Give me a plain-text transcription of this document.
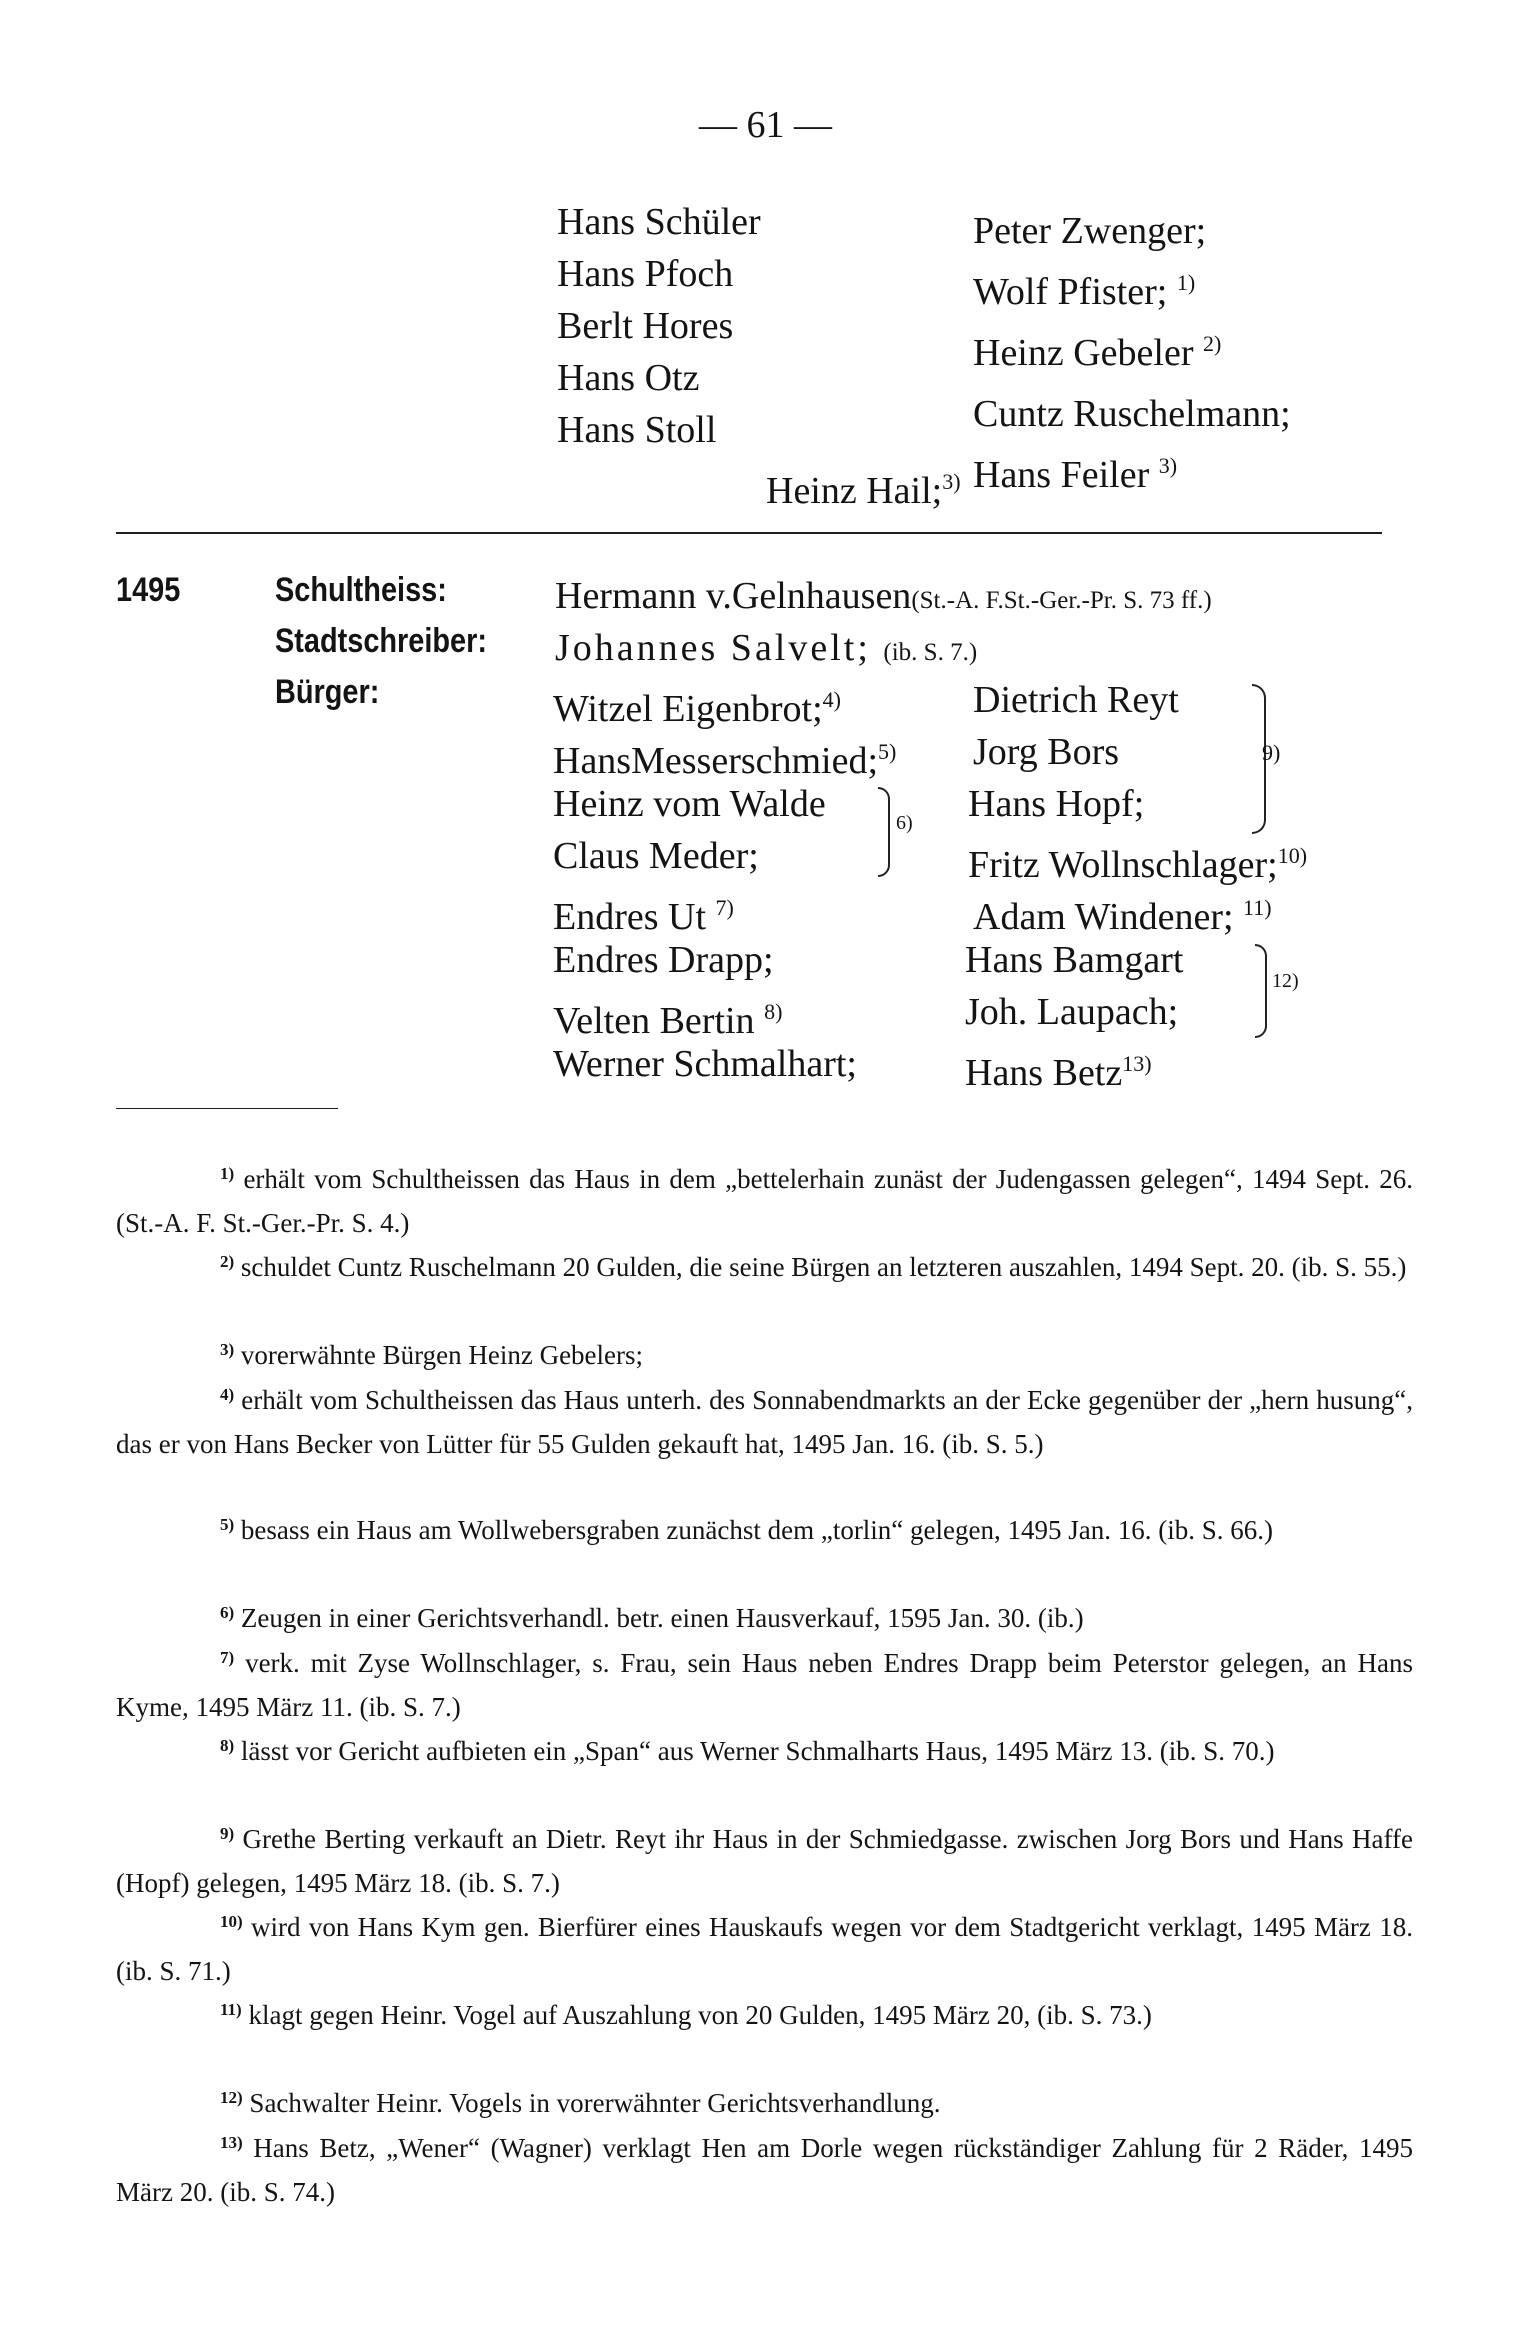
— 61 —
Hans Schüler
Hans Pfoch
Berlt Hores
Hans Otz
Hans Stoll
Peter Zwenger;
Wolf Pfister; $^{1)}$
Heinz Gebeler $^{2)}$
Cuntz Ruschelmann;
Hans Feiler $^{3)}$
Heinz Hail;$^{3)}$
1495	Schultheiss:
Stadtschreiber:
Bürger:
Hermann v.Gelnhausen(St.-A. F.St.-Ger.-Pr. S. 73 ff.)
Johannes Salvelt; (ib. S. 7.)
Witzel Eigenbrot;$^{4)}$
HansMesserschmied;$^{5)}$
Heinz vom Walde
Claus Meder;
Endres Ut $^{7)}$
Endres Drapp;
Velten Bertin $^{8)}$
Werner Schmalhart;
Dietrich Reyt
Jorg Bors
Hans Hopf;
Fritz Wollnschlager;$^{10)}$
Adam Windener; $^{11)}$
Hans Bamgart
Joh. Laupach;
Hans Betz$^{13)}$
6)
9)
12)
$^{1)}$ erhält vom Schultheissen das Haus in dem „bettelerhain zunäst der Judengassen gelegen“, 1494 Sept. 26. (St.-A. F. St.-Ger.-Pr. S. 4.)
$^{2)}$ schuldet Cuntz Ruschelmann 20 Gulden, die seine Bürgen an letzteren auszahlen, 1494 Sept. 20. (ib. S. 55.)
$^{3)}$ vorerwähnte Bürgen Heinz Gebelers;
$^{4)}$ erhält vom Schultheissen das Haus unterh. des Sonnabendmarkts an der Ecke gegenüber der „hern husung“, das er von Hans Becker von Lütter für 55 Gulden gekauft hat, 1495 Jan. 16. (ib. S. 5.)
$^{5)}$ besass ein Haus am Wollwebersgraben zunächst dem „torlin“ gelegen, 1495 Jan. 16. (ib. S. 66.)
$^{6)}$ Zeugen in einer Gerichtsverhandl. betr. einen Hausverkauf, 1595 Jan. 30. (ib.)
$^{7)}$ verk. mit Zyse Wollnschlager, s. Frau, sein Haus neben Endres Drapp beim Peterstor gelegen, an Hans Kyme, 1495 März 11. (ib. S. 7.)
$^{8)}$ lässt vor Gericht aufbieten ein „Span“ aus Werner Schmalharts Haus, 1495 März 13. (ib. S. 70.)
$^{9)}$ Grethe Berting verkauft an Dietr. Reyt ihr Haus in der Schmiedgasse. zwischen Jorg Bors und Hans Haffe (Hopf) gelegen, 1495 März 18. (ib. S. 7.)
$^{10)}$ wird von Hans Kym gen. Bierfürer eines Hauskaufs wegen vor dem Stadtgericht verklagt, 1495 März 18. (ib. S. 71.)
$^{11)}$ klagt gegen Heinr. Vogel auf Auszahlung von 20 Gulden, 1495 März 20, (ib. S. 73.)
$^{12)}$ Sachwalter Heinr. Vogels in vorerwähnter Gerichtsverhandlung.
$^{13)}$ Hans Betz, „Wener“ (Wagner) verklagt Hen am Dorle wegen rückständiger Zahlung für 2 Räder, 1495 März 20. (ib. S. 74.)
